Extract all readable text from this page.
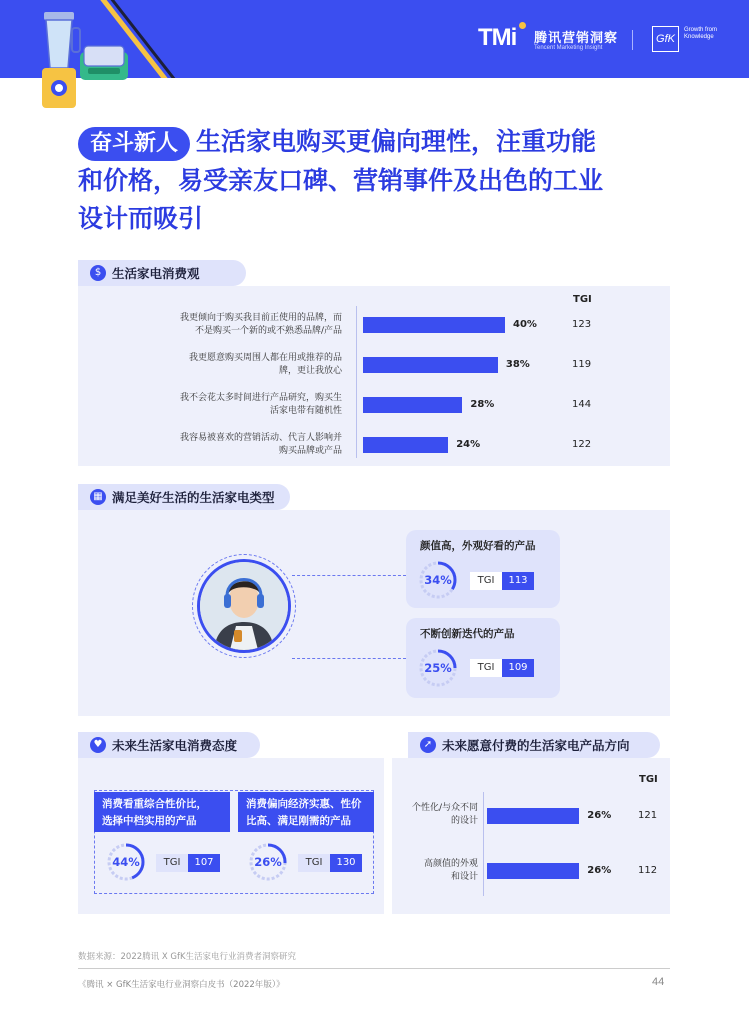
TMi 腾讯营销洞察
Tencent Marketing Insight
GfK
Growth from Knowledge
奋斗新人 生活家电购买更偏向理性，注重功能
和价格，易受亲友口碑、营销事件及出色的工业
设计而吸引
$ 生活家电消费观
TGI
我更倾向于购买我目前正使用的品牌，而
不是购买一个新的或不熟悉品牌/产品
40%	123
我更愿意购买周围人都在用或推荐的品
牌，更让我放心
38%	119
我不会花太多时间进行产品研究，购买生
活家电带有随机性
28%	144
我容易被喜欢的营销活动、代言人影响并
购买品牌或产品
24%	122
▦ 满足美好生活的生活家电类型
颜值高，外观好看的产品
34%	TGI	113
不断创新迭代的产品
25%	TGI	109
♥ 未来生活家电消费态度
消费看重综合性价比，
选择中档实用的产品
44%	TGI	107
消费偏向经济实惠、性价
比高、满足刚需的产品
26%	TGI	130
➚ 未来愿意付费的生活家电产品方向
TGI
个性化/与众不同
的设计	26%	121
高颜值的外观
和设计
26%	112
数据来源：2022腾讯 X GfK生活家电行业消费者洞察研究
《腾讯 × GfK生活家电行业洞察白皮书（2022年版）》	44
